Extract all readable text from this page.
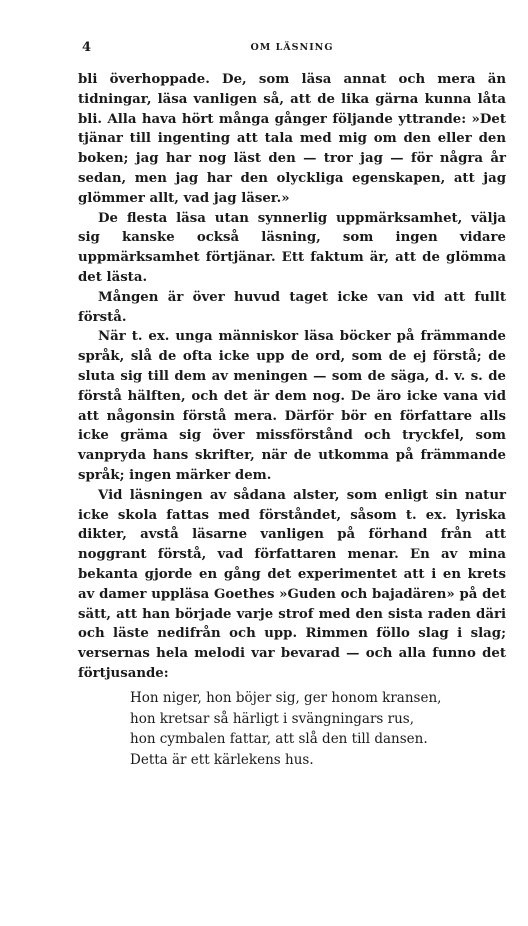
4	OM LÄSNING

bli överhoppade. De, som läsa annat och mera än tidningar, läsa vanligen så, att de lika gärna kunna låta bli. Alla hava hört många gånger följande yttrande: »Det tjänar till ingenting att tala med mig om den eller den boken; jag har nog läst den — tror jag — för några år sedan, men jag har den olyckliga egenskapen, att jag glömmer allt, vad jag läser.»

De flesta läsa utan synnerlig uppmärksamhet, välja sig kanske också läsning, som ingen vidare uppmärksamhet förtjänar. Ett faktum är, att de glömma det lästa.

Mången är över huvud taget icke van vid att fullt förstå.

När t. ex. unga människor läsa böcker på främmande språk, slå de ofta icke upp de ord, som de ej förstå; de sluta sig till dem av meningen — som de säga, d. v. s. de förstå hälften, och det är dem nog. De äro icke vana vid att någonsin förstå mera. Därför bör en författare alls icke gräma sig över missförstånd och tryckfel, som vanpryda hans skrifter, när de utkomma på främmande språk; ingen märker dem.

Vid läsningen av sådana alster, som enligt sin natur icke skola fattas med förståndet, såsom t. ex. lyriska dikter, avstå läsarne vanligen på förhand från att noggrant förstå, vad författaren menar. En av mina bekanta gjorde en gång det experimentet att i en krets av damer uppläsa Goethes »Guden och bajadären» på det sätt, att han började varje strof med den sista raden däri och läste nedifrån och upp. Rimmen föllo slag i slag; versernas hela melodi var bevarad — och alla funno det förtjusande:

Hon niger, hon böjer sig, ger honom kransen,
hon kretsar så härligt i svängningars rus,
hon cymbalen fattar, att slå den till dansen.
Detta är ett kärlekens hus.
